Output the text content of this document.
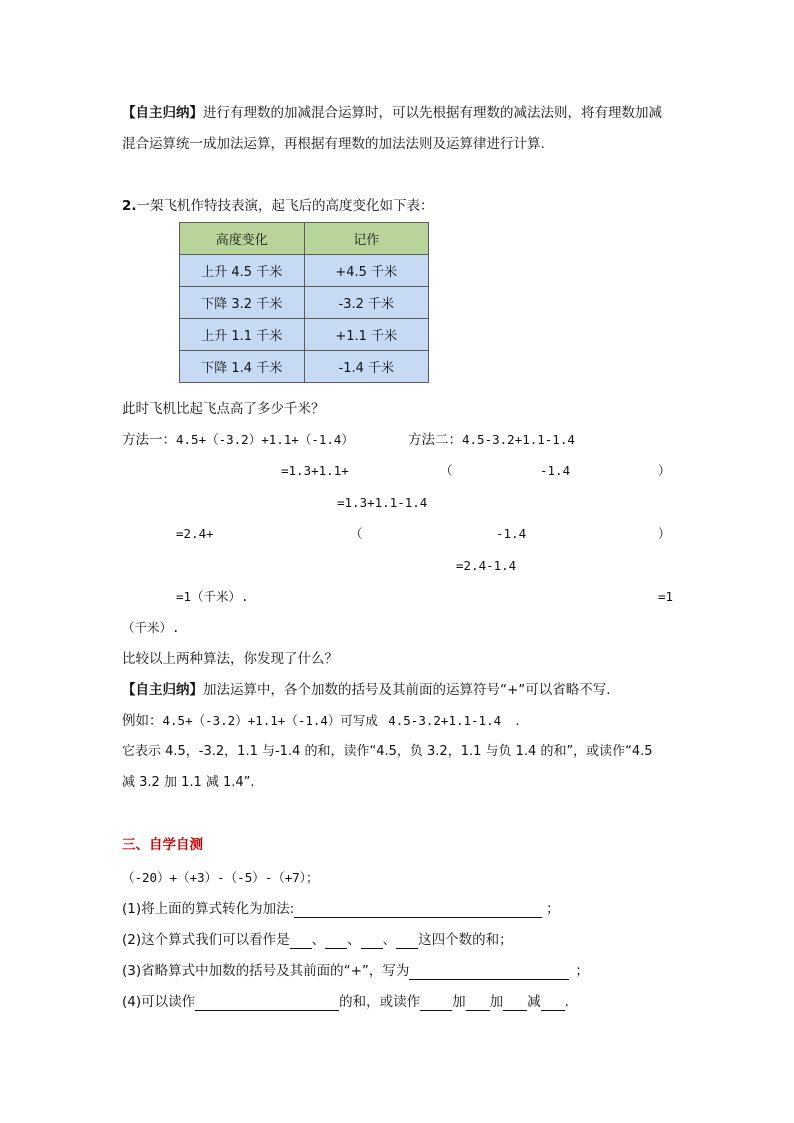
【自主归纳】进行有理数的加减混合运算时，可以先根据有理数的减法法则，将有理数加减
混合运算统一成加法运算，再根据有理数的加法法则及运算律进行计算.
2.一架飞机作特技表演，起飞后的高度变化如下表：
高度变化	记作
上升 4.5 千米	+4.5 千米
下降 3.2 千米	-3.2 千米
上升 1.1 千米	+1.1 千米
下降 1.4 千米	-1.4 千米
此时飞机比起飞点高了多少千米？
方法一：4.5+（-3.2）+1.1+（-1.4）	方法二：4.5-3.2+1.1-1.4
=1.3+1.1+	（	-1.4	）
=1.3+1.1-1.4
=2.4+	（	-1.4	）
=2.4-1.4
=1（千米）.	=1
（千米）.
比较以上两种算法，你发现了什么？
【自主归纳】加法运算中，各个加数的括号及其前面的运算符号“+”可以省略不写.
例如：4.5+（-3.2）+1.1+（-1.4）可写成 4.5-3.2+1.1-1.4 .
它表示 4.5，-3.2，1.1 与-1.4 的和，读作“4.5，负 3.2，1.1 与负 1.4 的和”，或读作“4.5
减 3.2 加 1.1 减 1.4”.
三、自学自测
（-20）+（+3）-（-5）-（+7）；
(1)将上面的算式转化为加法:	；
(2)这个算式我们可以看作是 、 、 、 这四个数的和；
(3)省略算式中加数的括号及其前面的“+”，写为	；
(4)可以读作	的和，或读作 加 加 减 .
